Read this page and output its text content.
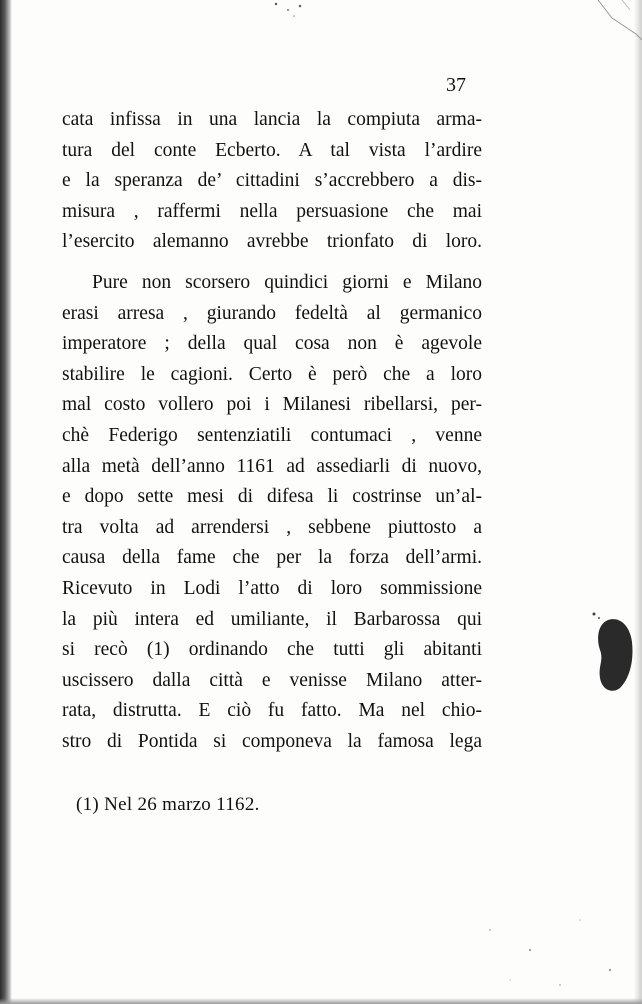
37
cata infissa in una lancia la compiuta arma-
tura del conte Ecberto. A tal vista l’ardire
e la speranza de’ cittadini s’accrebbero a dis-
misura , raffermi nella persuasione che mai
l’esercito alemanno avrebbe trionfato di loro.
Pure non scorsero quindici giorni e Milano
erasi arresa , giurando fedeltà al germanico
imperatore ; della qual cosa non è agevole
stabilire le cagioni. Certo è però che a loro
mal costo vollero poi i Milanesi ribellarsi, per-
chè Federigo sentenziatili contumaci , venne
alla metà dell’anno 1161 ad assediarli di nuovo,
e dopo sette mesi di difesa li costrinse un’al-
tra volta ad arrendersi , sebbene piuttosto a
causa della fame che per la forza dell’armi.
Ricevuto in Lodi l’atto di loro sommissione
la più intera ed umiliante, il Barbarossa qui
si recò (1) ordinando che tutti gli abitanti
uscissero dalla città e venisse Milano atter-
rata, distrutta. E ciò fu fatto. Ma nel chio-
stro di Pontida si componeva la famosa lega
(1) Nel 26 marzo 1162.
